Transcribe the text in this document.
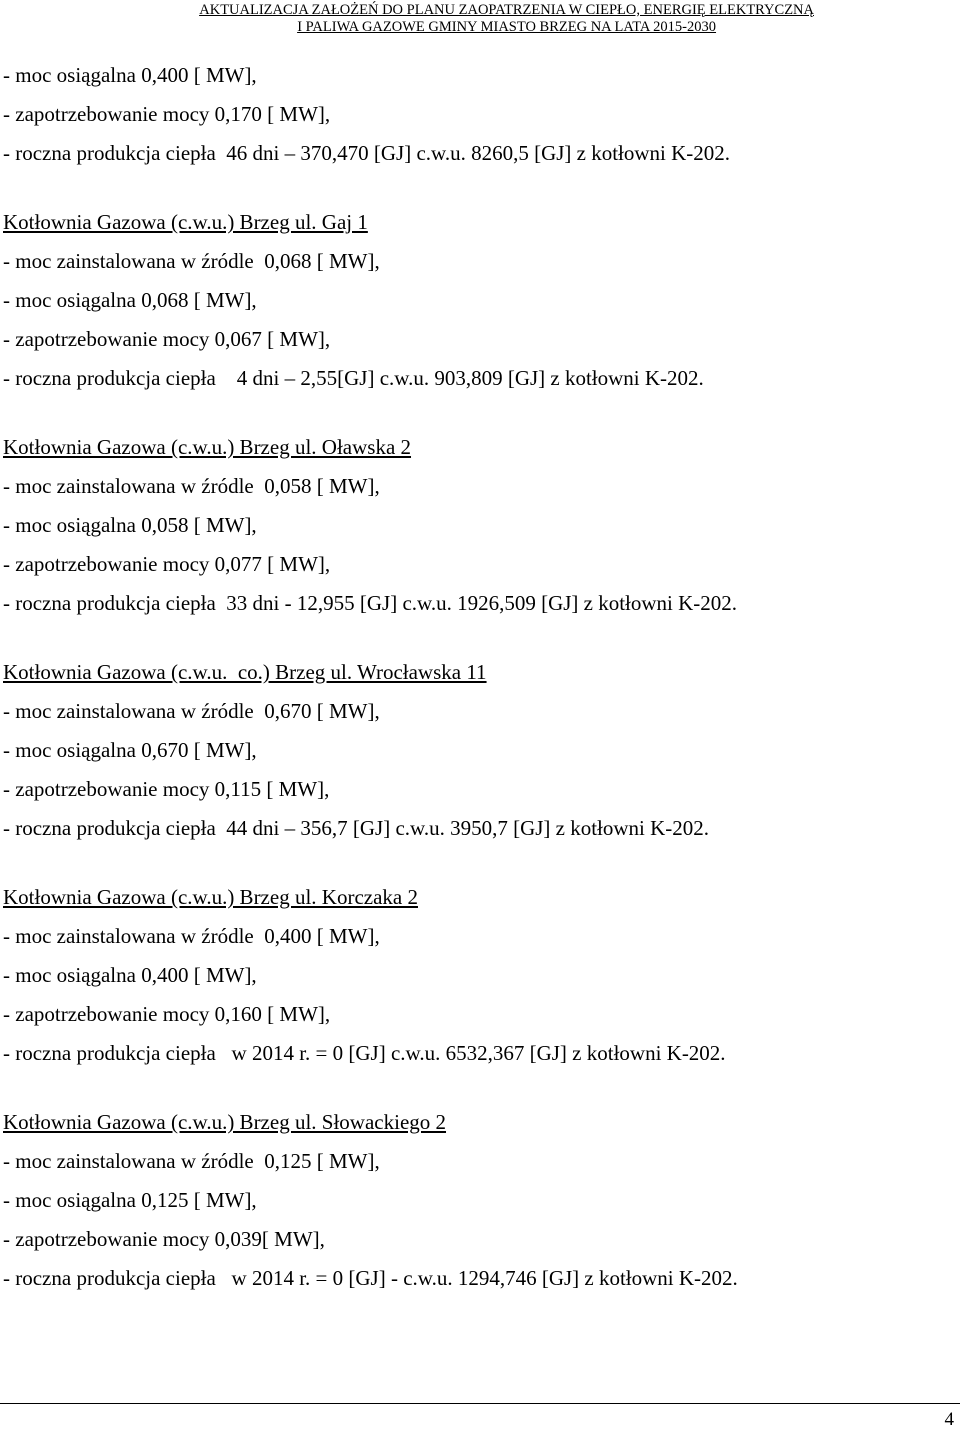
AKTUALIZACJA ZAŁOŻEŃ DO PLANU ZAOPATRZENIA W CIEPŁO, ENERGIĘ ELEKTRYCZNĄ
I PALIWA GAZOWE GMINY MIASTO BRZEG NA LATA 2015-2030
- moc osiągalna 0,400 [ MW],
- zapotrzebowanie mocy 0,170 [ MW],
- roczna produkcja ciepła  46 dni – 370,470 [GJ] c.w.u. 8260,5 [GJ] z kotłowni K-202.
Kotłownia Gazowa (c.w.u.) Brzeg ul. Gaj 1
- moc zainstalowana w źródle  0,068 [ MW],
- moc osiągalna 0,068 [ MW],
- zapotrzebowanie mocy 0,067 [ MW],
- roczna produkcja ciepła    4 dni – 2,55[GJ] c.w.u. 903,809 [GJ] z kotłowni K-202.
Kotłownia Gazowa (c.w.u.) Brzeg ul. Oławska 2
- moc zainstalowana w źródle  0,058 [ MW],
- moc osiągalna 0,058 [ MW],
- zapotrzebowanie mocy 0,077 [ MW],
- roczna produkcja ciepła  33 dni - 12,955 [GJ] c.w.u. 1926,509 [GJ] z kotłowni K-202.
Kotłownia Gazowa (c.w.u.  co.) Brzeg ul. Wrocławska 11
- moc zainstalowana w źródle  0,670 [ MW],
- moc osiągalna 0,670 [ MW],
- zapotrzebowanie mocy 0,115 [ MW],
- roczna produkcja ciepła  44 dni – 356,7 [GJ] c.w.u. 3950,7 [GJ] z kotłowni K-202.
Kotłownia Gazowa (c.w.u.) Brzeg ul. Korczaka 2
- moc zainstalowana w źródle  0,400 [ MW],
- moc osiągalna 0,400 [ MW],
- zapotrzebowanie mocy 0,160 [ MW],
- roczna produkcja ciepła   w 2014 r. = 0 [GJ] c.w.u. 6532,367 [GJ] z kotłowni K-202.
Kotłownia Gazowa (c.w.u.) Brzeg ul. Słowackiego 2
- moc zainstalowana w źródle  0,125 [ MW],
- moc osiągalna 0,125 [ MW],
- zapotrzebowanie mocy 0,039[ MW],
- roczna produkcja ciepła   w 2014 r. = 0 [GJ] - c.w.u. 1294,746 [GJ] z kotłowni K-202.
4
